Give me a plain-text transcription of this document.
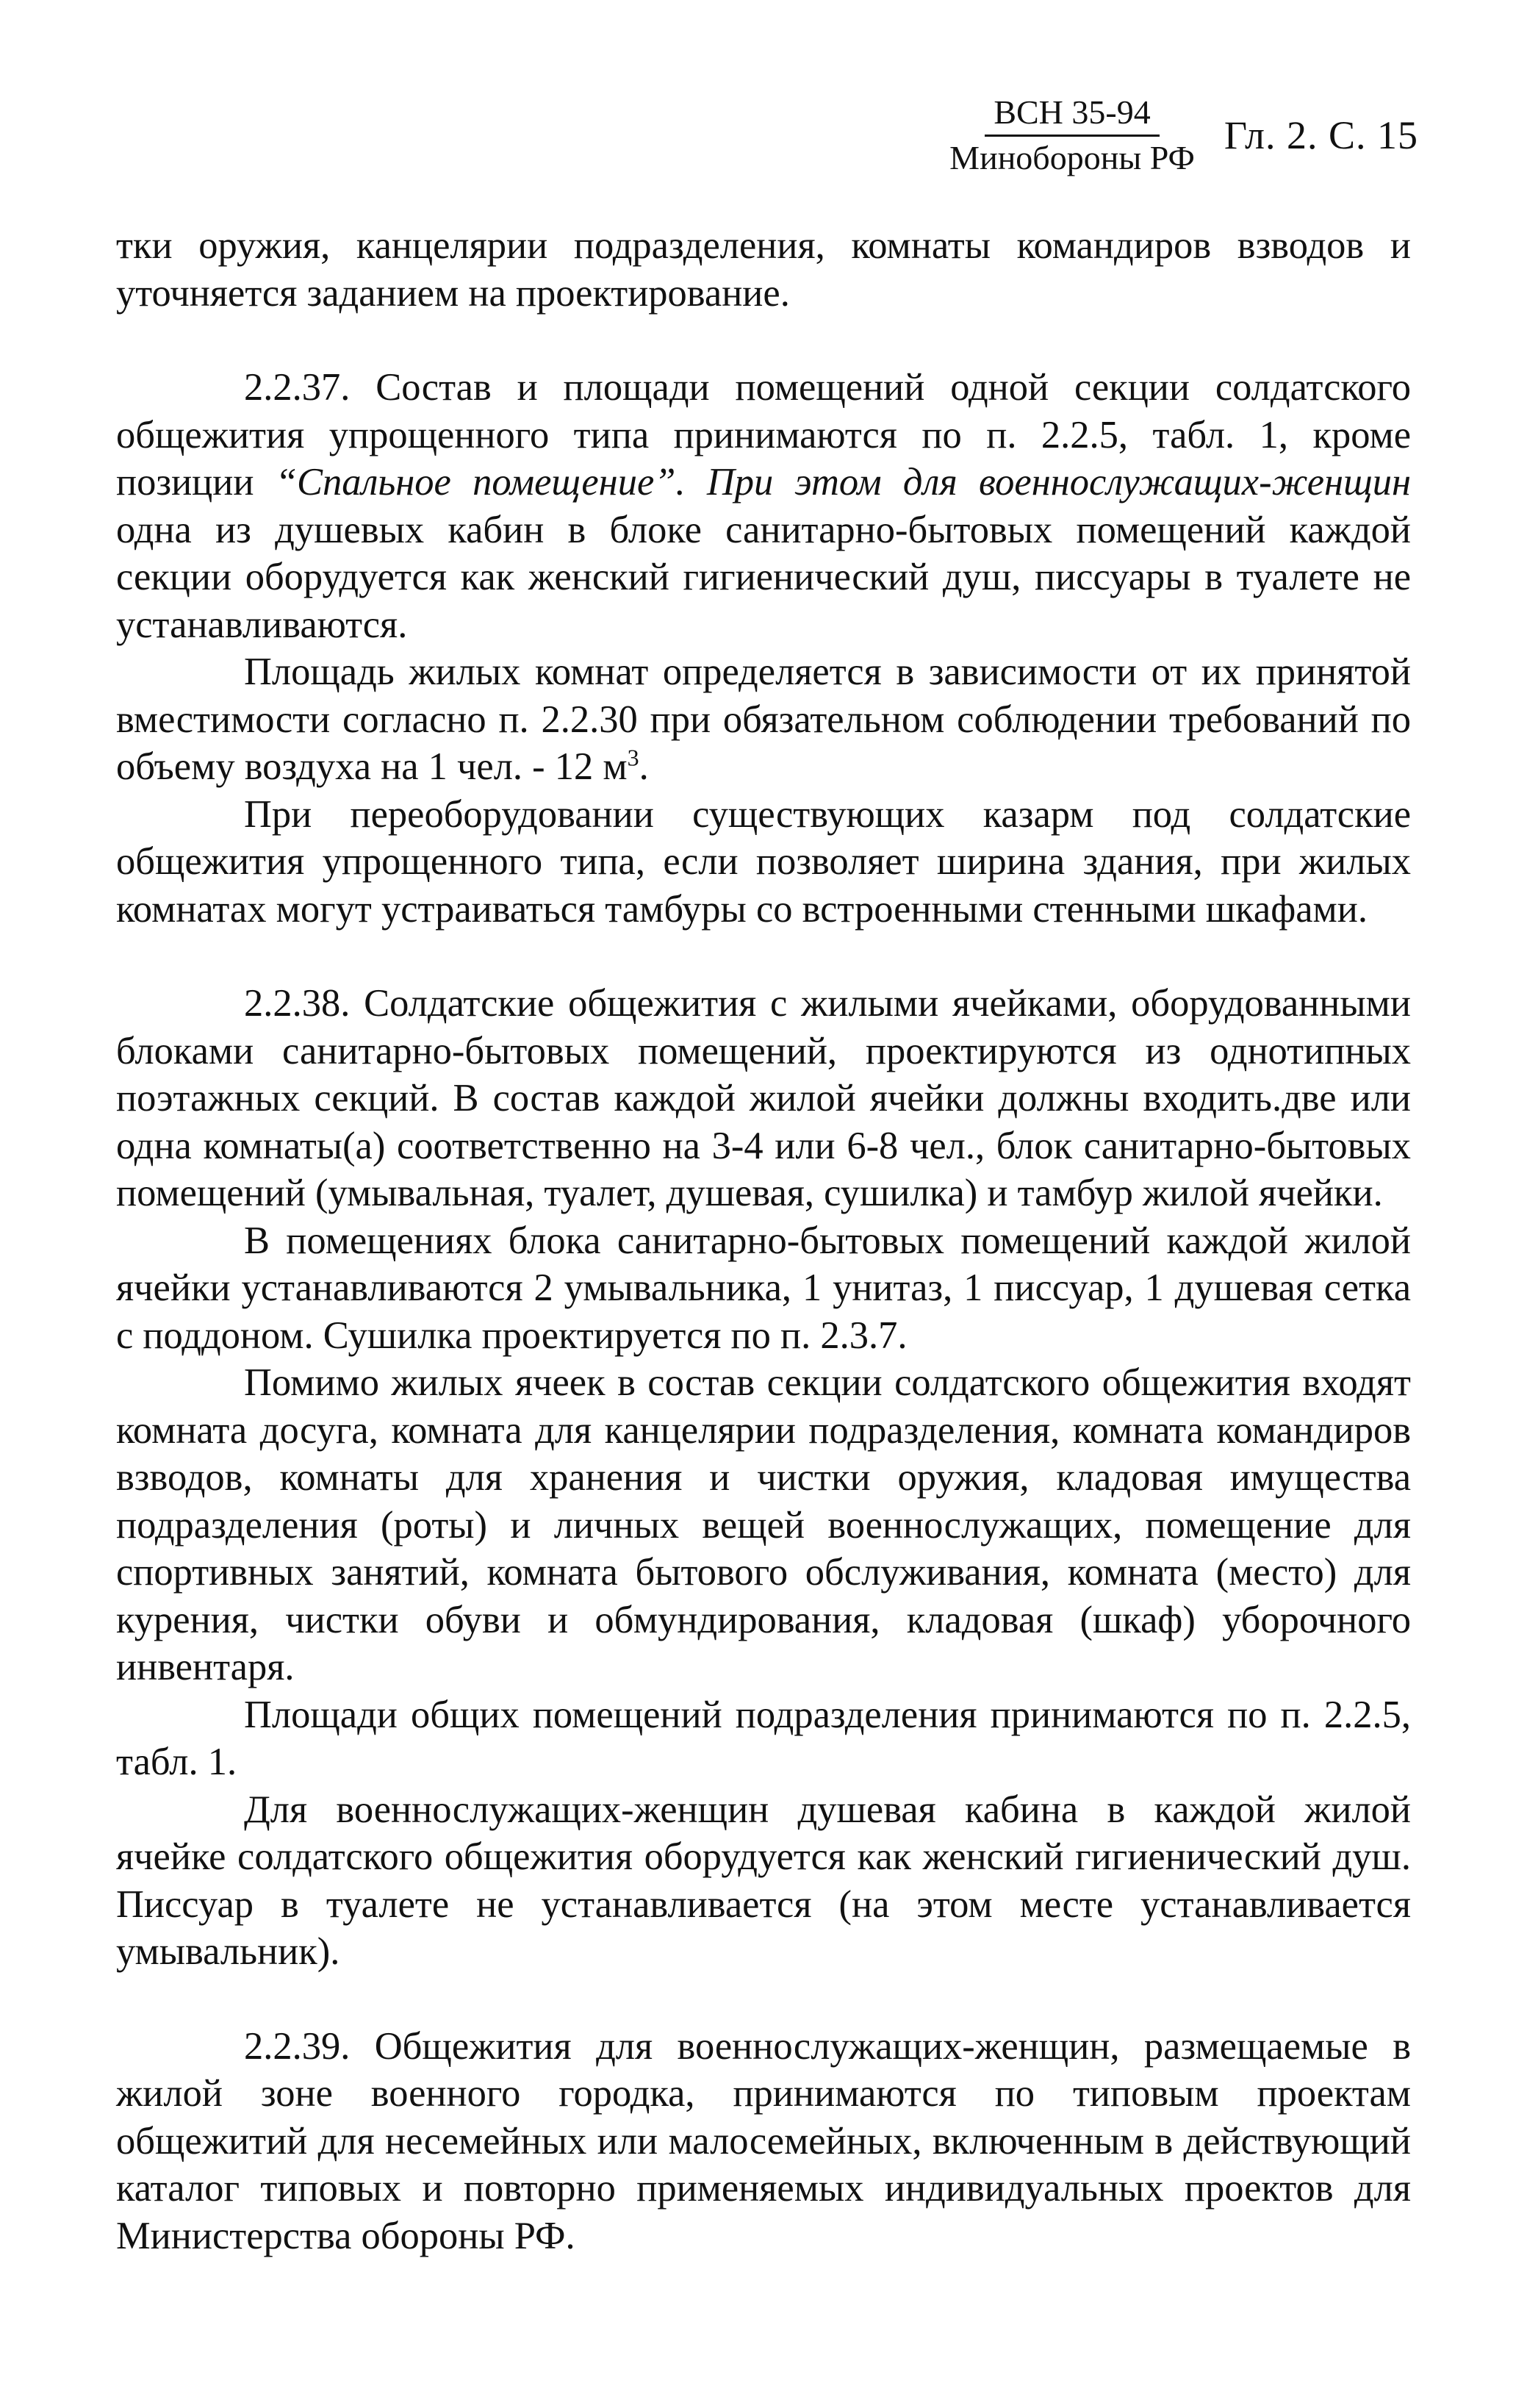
ВСН 35-94
Минобороны РФ Гл. 2. С. 15

тки оружия, канцелярии подразделения, комнаты командиров взводов и уточняется заданием на проектирование.

2.2.37. Состав и площади помещений одной секции солдатского общежития упрощенного типа принимаются по п. 2.2.5, табл. 1, кроме позиции “Спальное помещение”. При этом для военнослужащих-женщин одна из душевых кабин в блоке санитарно-бытовых помещений каждой секции оборудуется как женский гигиенический душ, писсуары в туалете не устанавливаются.

Площадь жилых комнат определяется в зависимости от их принятой вместимости согласно п. 2.2.30 при обязательном соблюдении требований по объему воздуха на 1 чел. - 12 $м^3$.

При переоборудовании существующих казарм под солдатские общежития упрощенного типа, если позволяет ширина здания, при жилых комнатах могут устраиваться тамбуры со встроенными стенными шкафами.

2.2.38. Солдатские общежития с жилыми ячейками, оборудованными блоками санитарно-бытовых помещений, проектируются из однотипных поэтажных секций. В состав каждой жилой ячейки должны входить.две или одна комнаты(а) соответственно на 3-4 или 6-8 чел., блок санитарно-бытовых помещений (умывальная, туалет, душевая, сушилка) и тамбур жилой ячейки.

В помещениях блока санитарно-бытовых помещений каждой жилой ячейки устанавливаются 2 умывальника, 1 унитаз, 1 писсуар, 1 душевая сетка с поддоном. Сушилка проектируется по п. 2.3.7.

Помимо жилых ячеек в состав секции солдатского общежития входят комната досуга, комната для канцелярии подразделения, комната командиров взводов, комнаты для хранения и чистки оружия, кладовая имущества подразделения (роты) и личных вещей военнослужащих, помещение для спортивных занятий, комната бытового обслуживания, комната (место) для курения, чистки обуви и обмундирования, кладовая (шкаф) уборочного инвентаря.

Площади общих помещений подразделения принимаются по п. 2.2.5, табл. 1.

Для военнослужащих-женщин душевая кабина в каждой жилой ячейке солдатского общежития оборудуется как женский гигиенический душ. Писсуар в туалете не устанавливается (на этом месте устанавливается умывальник).

2.2.39. Общежития для военнослужащих-женщин, размещаемые в жилой зоне военного городка, принимаются по типовым проектам общежитий для несемейных или малосемейных, включенным в действующий каталог типовых и повторно применяемых индивидуальных проектов для Министерства обороны РФ.
